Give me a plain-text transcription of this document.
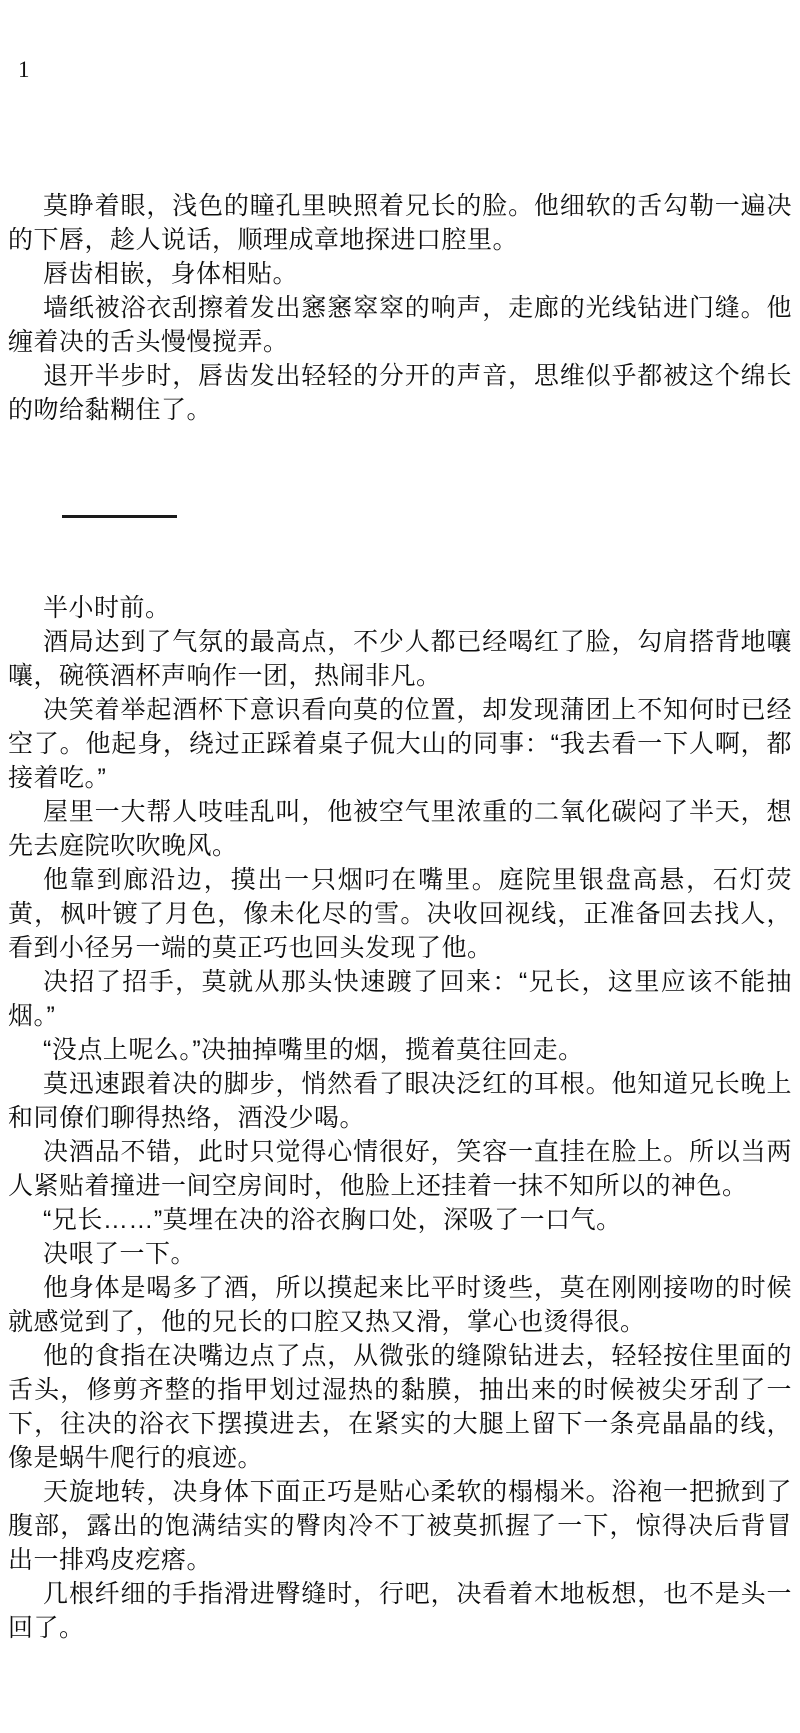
1

莫睁着眼，浅色的瞳孔里映照着兄长的脸。他细软的舌勾勒一遍决的下唇，趁人说话，顺理成章地探进口腔里。

唇齿相嵌，身体相贴。

墙纸被浴衣刮擦着发出窸窸窣窣的响声，走廊的光线钻进门缝。他缠着决的舌头慢慢搅弄。

退开半步时，唇齿发出轻轻的分开的声音，思维似乎都被这个绵长的吻给黏糊住了。

半小时前。

酒局达到了气氛的最高点，不少人都已经喝红了脸，勾肩搭背地嚷嚷，碗筷酒杯声响作一团，热闹非凡。

决笑着举起酒杯下意识看向莫的位置，却发现蒲团上不知何时已经空了。他起身，绕过正踩着桌子侃大山的同事：“我去看一下人啊，都接着吃。”

屋里一大帮人吱哇乱叫，他被空气里浓重的二氧化碳闷了半天，想先去庭院吹吹晚风。

他靠到廊沿边，摸出一只烟叼在嘴里。庭院里银盘高悬，石灯荧黄，枫叶镀了月色，像未化尽的雪。决收回视线，正准备回去找人，看到小径另一端的莫正巧也回头发现了他。

决招了招手，莫就从那头快速踱了回来：“兄长，这里应该不能抽烟。”

“没点上呢么。”决抽掉嘴里的烟，揽着莫往回走。

莫迅速跟着决的脚步，悄然看了眼决泛红的耳根。他知道兄长晚上和同僚们聊得热络，酒没少喝。

决酒品不错，此时只觉得心情很好，笑容一直挂在脸上。所以当两人紧贴着撞进一间空房间时，他脸上还挂着一抹不知所以的神色。

“兄长……”莫埋在决的浴衣胸口处，深吸了一口气。

决哏了一下。

他身体是喝多了酒，所以摸起来比平时烫些，莫在刚刚接吻的时候就感觉到了，他的兄长的口腔又热又滑，掌心也烫得很。

他的食指在决嘴边点了点，从微张的缝隙钻进去，轻轻按住里面的舌头，修剪齐整的指甲划过湿热的黏膜，抽出来的时候被尖牙刮了一下，往决的浴衣下摆摸进去，在紧实的大腿上留下一条亮晶晶的线，像是蜗牛爬行的痕迹。

天旋地转，决身体下面正巧是贴心柔软的榻榻米。浴袍一把掀到了腹部，露出的饱满结实的臀肉冷不丁被莫抓握了一下，惊得决后背冒出一排鸡皮疙瘩。

几根纤细的手指滑进臀缝时，行吧，决看着木地板想，也不是头一回了。
